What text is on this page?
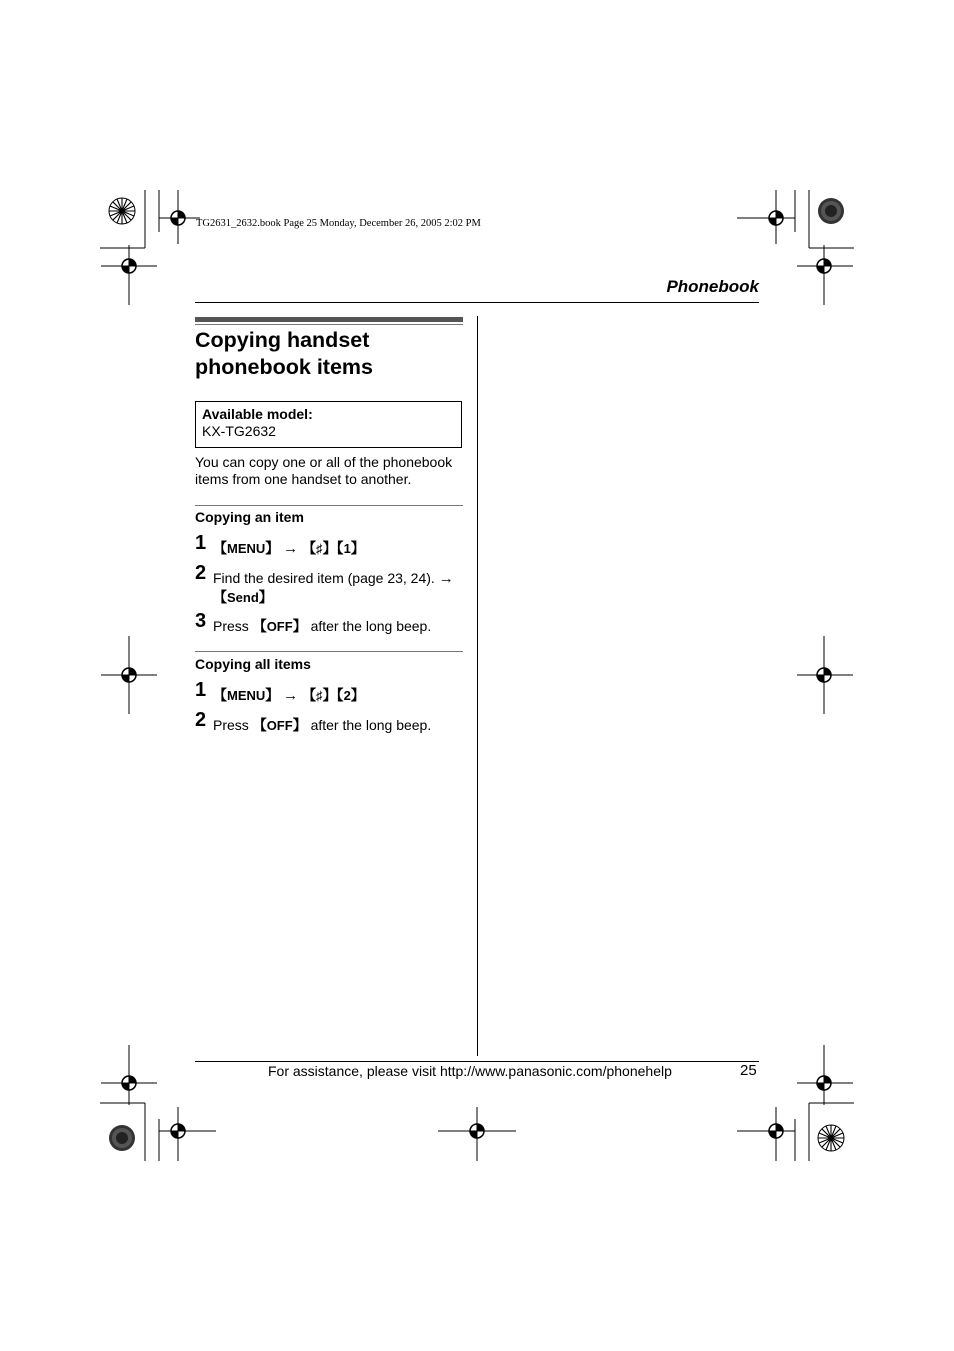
TG2631_2632.book Page 25 Monday, December 26, 2005 2:02 PM
Phonebook
Copying handset
phonebook items
Available model:
KX-TG2632
You can copy one or all of the phonebook items from one handset to another.
Copying an item
1 【MENU】 → 【♯】【1】
2 Find the desired item (page 23, 24). →
【Send】
3 Press 【OFF】 after the long beep.
Copying all items
1 【MENU】 → 【♯】【2】
2 Press 【OFF】 after the long beep.
For assistance, please visit http://www.panasonic.com/phonehelp	25
